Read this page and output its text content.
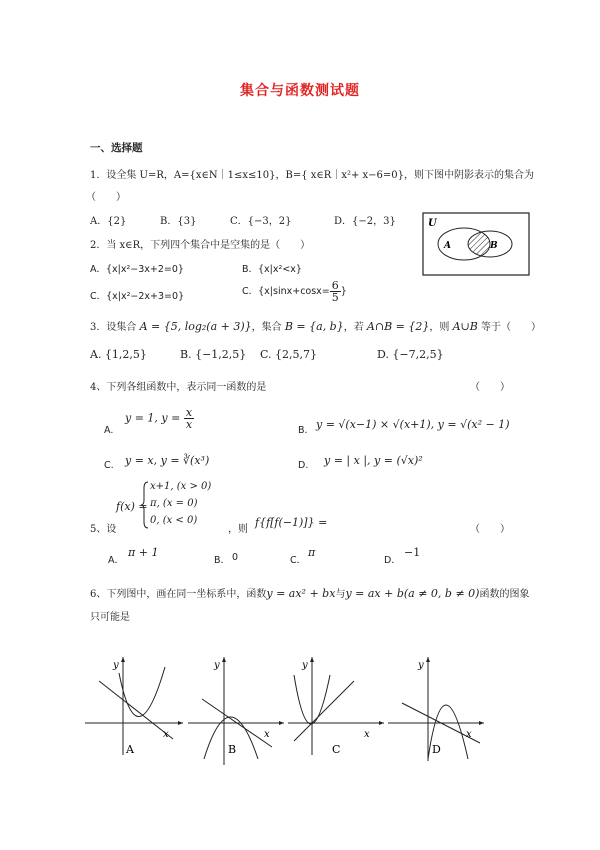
集合与函数测试题
一、选择题
1．设全集 U=R，A={x∈N｜1≤x≤10}，B={ x∈R｜x²+ x−6=0}，则下图中阴影表示的集合为
（　　）
A．{2}	B．{3}	C．{−3，2}	D．{−2，3}	U
A	B
2．当 x∈R，下列四个集合中是空集的是（　　）
A．{x|x²−3x+2=0}	B．{x|x²<x}
C．{x|x²−2x+3=0}	C．{$x|\sin x+\cos x= \frac{6}{5}$ }
3．设集合 A = {5, log₂(a + 3)}，集合 B = {a, b}，若 A∩B = {2}，则 A∪B 等于（　　）
A. {1,2,5}	B. {−1,2,5} C. {2,5,7}	D. {−7,2,5}
4、下列各组函数中，表示同一函数的是	（　　）
A.
y = 1, $y = \frac{x}{x}$
B. y = √(x−1) × √(x+1), y = √(x² − 1)
C. y = x, y = ∛(x³)	D. y = | x |, y = (√x)²
f(x) =
x+1, (x > 0)
π, (x = 0)
0, (x < 0)
5、设	，则
f{f[f(−1)]} =
（　　）
A．
π + 1
B． 0	C．
π
D．
−1
6、下列图中，画在同一坐标系中，函数y = ax² + bx与y = ax + b(a ≠ 0, b ≠ 0)函数的图象
只可能是
y
x
A
y
x
B
y
x
C
y
x
D
